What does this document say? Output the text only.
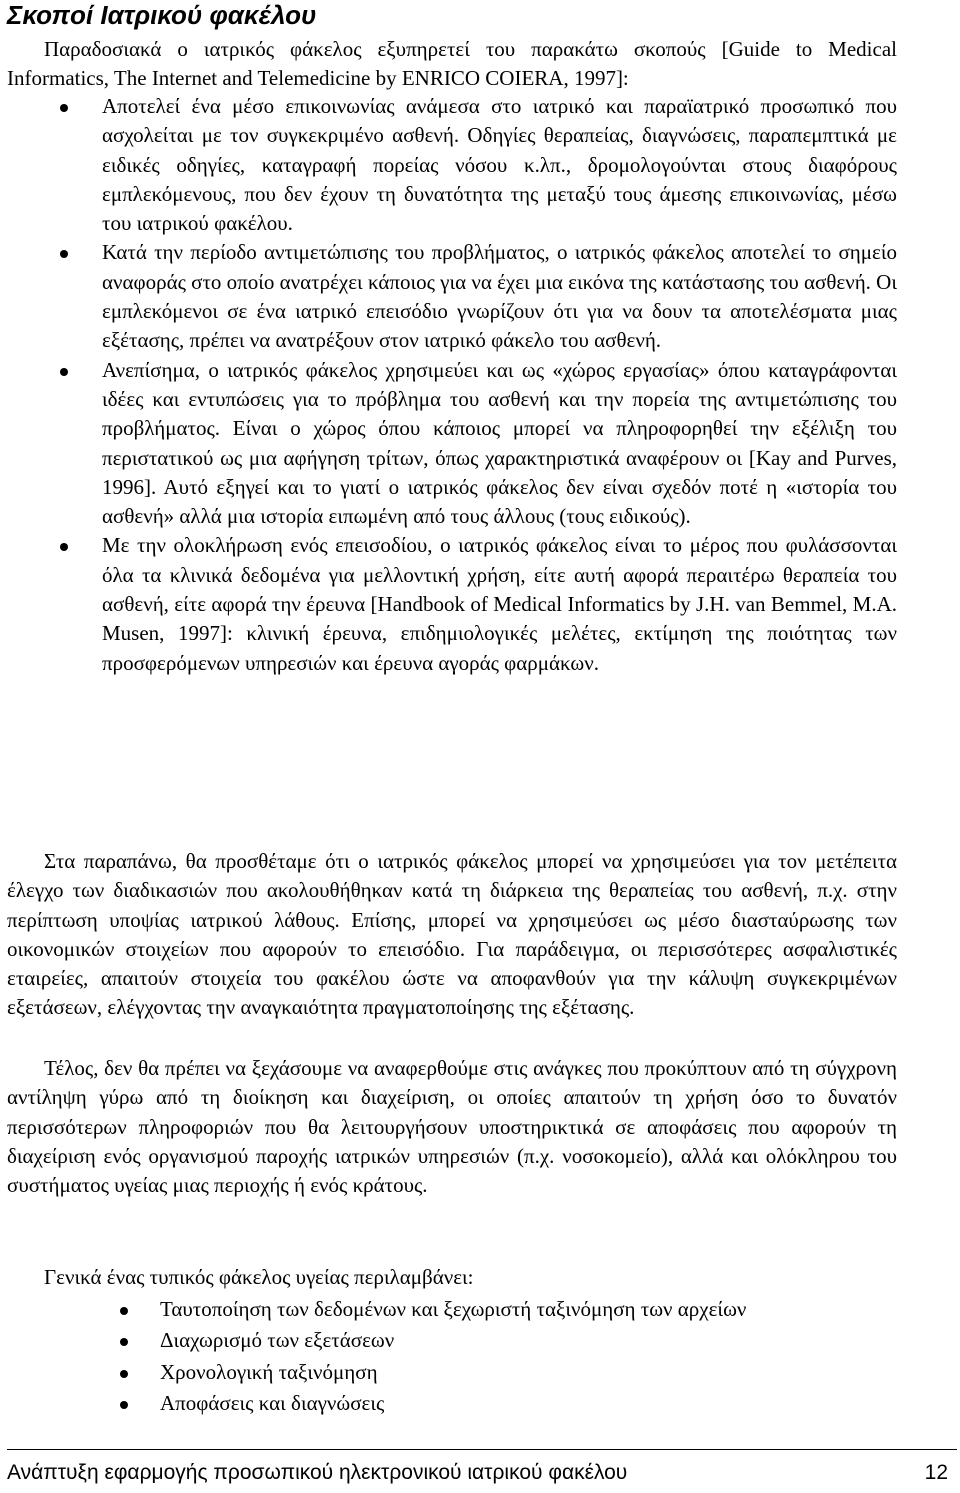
Σκοποί Ιατρικού φακέλου

Παραδοσιακά ο ιατρικός φάκελος εξυπηρετεί του παρακάτω σκοπούς [Guide to Medical Informatics, The Internet and Telemedicine by ENRICO COIERA, 1997]:

Αποτελεί ένα μέσο επικοινωνίας ανάμεσα στο ιατρικό και παραϊατρικό προσωπικό που ασχολείται με τον συγκεκριμένο ασθενή. Οδηγίες θεραπείας, διαγνώσεις, παραπεμπτικά με ειδικές οδηγίες, καταγραφή πορείας νόσου κ.λπ., δρομολογούνται στους διαφόρους εμπλεκόμενους, που δεν έχουν τη δυνατότητα της μεταξύ τους άμεσης επικοινωνίας, μέσω του ιατρικού φακέλου.
Κατά την περίοδο αντιμετώπισης του προβλήματος, ο ιατρικός φάκελος αποτελεί το σημείο αναφοράς στο οποίο ανατρέχει κάποιος για να έχει μια εικόνα της κατάστασης του ασθενή. Οι εμπλεκόμενοι σε ένα ιατρικό επεισόδιο γνωρίζουν ότι για να δουν τα αποτελέσματα μιας εξέτασης, πρέπει να ανατρέξουν στον ιατρικό φάκελο του ασθενή.
Ανεπίσημα, ο ιατρικός φάκελος χρησιμεύει και ως «χώρος εργασίας» όπου καταγράφονται ιδέες και εντυπώσεις για το πρόβλημα του ασθενή και την πορεία της αντιμετώπισης του προβλήματος. Είναι ο χώρος όπου κάποιος μπορεί να πληροφορηθεί την εξέλιξη του περιστατικού ως μια αφήγηση τρίτων, όπως χαρακτηριστικά αναφέρουν οι [Kay and Purves, 1996]. Αυτό εξηγεί και το γιατί ο ιατρικός φάκελος δεν είναι σχεδόν ποτέ η «ιστορία του ασθενή» αλλά μια ιστορία ειπωμένη από τους άλλους (τους ειδικούς).
Με την ολοκλήρωση ενός επεισοδίου, ο ιατρικός φάκελος είναι το μέρος που φυλάσσονται όλα τα κλινικά δεδομένα για μελλοντική χρήση, είτε αυτή αφορά περαιτέρω θεραπεία του ασθενή, είτε αφορά την έρευνα [Handbook of Medical Informatics by J.H. van Bemmel, M.A. Musen, 1997]: κλινική έρευνα, επιδημιολογικές μελέτες, εκτίμηση της ποιότητας των προσφερόμενων υπηρεσιών και έρευνα αγοράς φαρμάκων.

Στα παραπάνω, θα προσθέταμε ότι ο ιατρικός φάκελος μπορεί να χρησιμεύσει για τον μετέπειτα έλεγχο των διαδικασιών που ακολουθήθηκαν κατά τη διάρκεια της θεραπείας του ασθενή, π.χ. στην περίπτωση υποψίας ιατρικού λάθους. Επίσης, μπορεί να χρησιμεύσει ως μέσο διασταύρωσης των οικονομικών στοιχείων που αφορούν το επεισόδιο. Για παράδειγμα, οι περισσότερες ασφαλιστικές εταιρείες, απαιτούν στοιχεία του φακέλου ώστε να αποφανθούν για την κάλυψη συγκεκριμένων εξετάσεων, ελέγχοντας την αναγκαιότητα πραγματοποίησης της εξέτασης.

Τέλος, δεν θα πρέπει να ξεχάσουμε να αναφερθούμε στις ανάγκες που προκύπτουν από τη σύγχρονη αντίληψη γύρω από τη διοίκηση και διαχείριση, οι οποίες απαιτούν τη χρήση όσο το δυνατόν περισσότερων πληροφοριών που θα λειτουργήσουν υποστηρικτικά σε αποφάσεις που αφορούν τη διαχείριση ενός οργανισμού παροχής ιατρικών υπηρεσιών (π.χ. νοσοκομείο), αλλά και ολόκληρου του συστήματος υγείας μιας περιοχής ή ενός κράτους.

Γενικά ένας τυπικός φάκελος υγείας περιλαμβάνει:

Ταυτοποίηση των δεδομένων και ξεχωριστή ταξινόμηση των αρχείων
Διαχωρισμό των εξετάσεων
Χρονολογική ταξινόμηση
Αποφάσεις και διαγνώσεις
Ανάπτυξη εφαρμογής προσωπικού ηλεκτρονικού ιατρικού φακέλου	12
